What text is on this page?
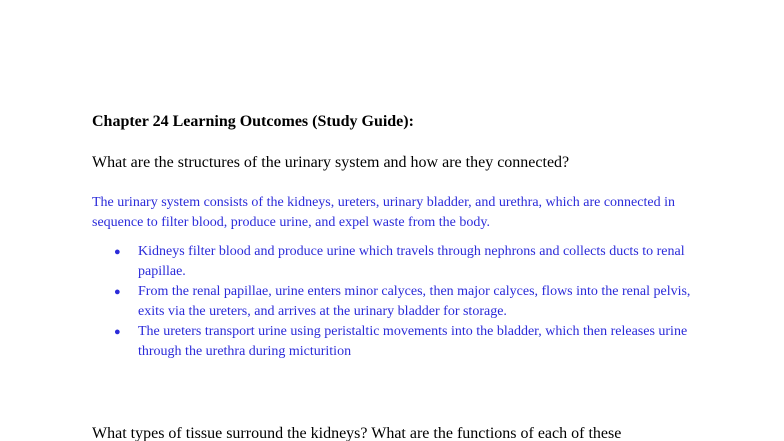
Chapter 24 Learning Outcomes (Study Guide):
What are the structures of the urinary system and how are they connected?
The urinary system consists of the kidneys, ureters, urinary bladder, and urethra, which are connected in sequence to filter blood, produce urine, and expel waste from the body.
● Kidneys filter blood and produce urine which travels through nephrons and collects ducts to renal papillae.
● From the renal papillae, urine enters minor calyces, then major calyces, flows into the renal pelvis, exits via the ureters, and arrives at the urinary bladder for storage.
● The ureters transport urine using peristaltic movements into the bladder, which then releases urine through the urethra during micturition
What types of tissue surround the kidneys? What are the functions of each of these
